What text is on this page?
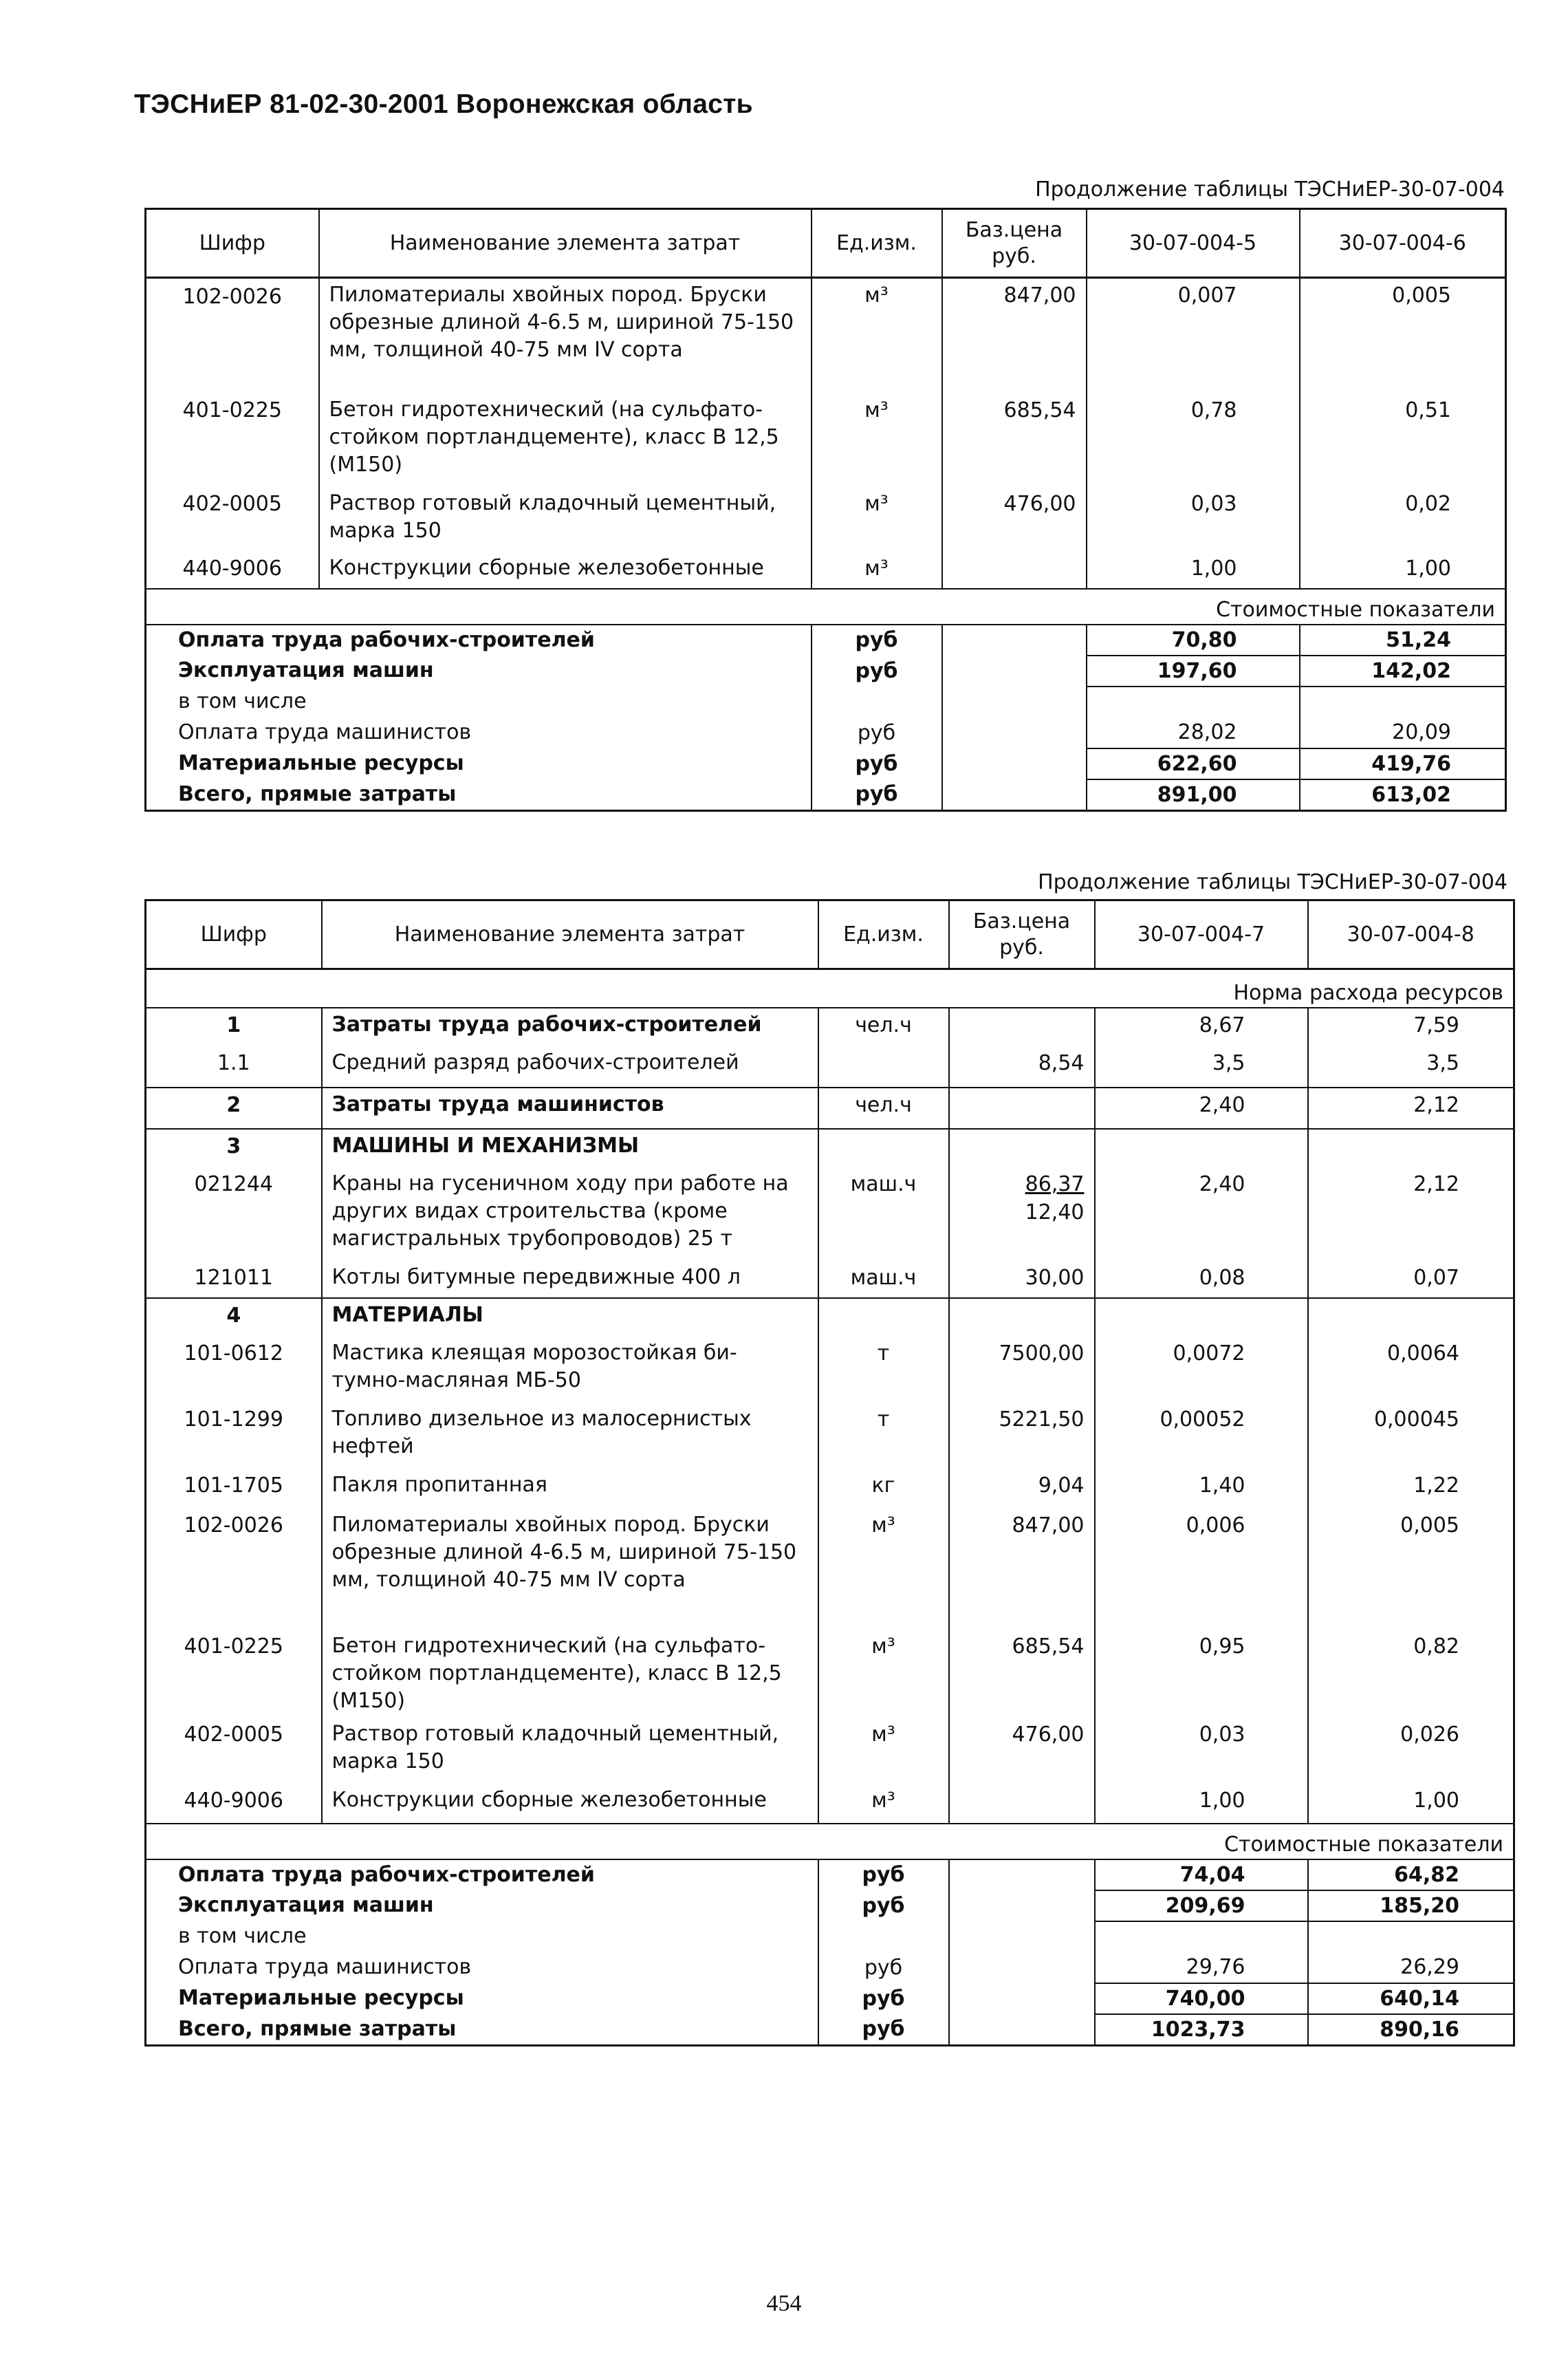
ТЭСНиЕР 81-02-30-2001 Воронежская область
Продолжение таблицы ТЭСНиЕР-30-07-004
Шифр	Наименование элемента затрат	Ед.изм.	Баз.цена руб.	30-07-004-5	30-07-004-6
102-0026	Пиломатериалы хвойных пород. Бруски обрезные длиной 4-6.5 м, шириной 75-150 мм, толщиной 40-75 мм IV сорта	м³	847,00	0,007	0,005
401-0225	Бетон гидротехнический (на сульфато-стойком портландцементе), класс В 12,5 (М150)	м³	685,54	0,78	0,51
402-0005	Раствор готовый кладочный цементный, марка 150	м³	476,00	0,03	0,02
440-9006	Конструкции сборные железобетонные	м³		1,00	1,00
Стоимостные показатели					
Оплата труда рабочих-строителей		руб		70,80	51,24
Эксплуатация машин		руб		197,60	142,02
в том числе					
Оплата труда машинистов		руб		28,02	20,09
Материальные ресурсы		руб		622,60	419,76
Всего, прямые затраты		руб		891,00	613,02
Продолжение таблицы ТЭСНиЕР-30-07-004
Шифр	Наименование элемента затрат	Ед.изм.	Баз.цена руб.	30-07-004-7	30-07-004-8
Норма расхода ресурсов					
1	Затраты труда рабочих-строителей	чел.ч		8,67	7,59
1.1	Средний разряд рабочих-строителей		8,54	3,5	3,5
2	Затраты труда машинистов	чел.ч		2,40	2,12
3	МАШИНЫ И МЕХАНИЗМЫ				
021244	Краны на гусеничном ходу при работе на других видах строительства (кроме магистральных трубопроводов) 25 т	маш.ч	$\frac{86,37}{12,40}$	2,40	2,12
121011	Котлы битумные передвижные 400 л	маш.ч	30,00	0,08	0,07
4	МАТЕРИАЛЫ				
101-0612	Мастика клеящая морозостойкая би-тумно-масляная МБ-50	т	7500,00	0,0072	0,0064
101-1299	Топливо дизельное из малосернистых нефтей	т	5221,50	0,00052	0,00045
101-1705	Пакля пропитанная	кг	9,04	1,40	1,22
102-0026	Пиломатериалы хвойных пород. Бруски обрезные длиной 4-6.5 м, шириной 75-150 мм, толщиной 40-75 мм IV сорта	м³	847,00	0,006	0,005
401-0225	Бетон гидротехнический (на сульфато-стойком портландцементе), класс В 12,5 (М150)	м³	685,54	0,95	0,82
402-0005	Раствор готовый кладочный цементный, марка 150	м³	476,00	0,03	0,026
440-9006	Конструкции сборные железобетонные	м³		1,00	1,00
Стоимостные показатели					
Оплата труда рабочих-строителей		руб		74,04	64,82
Эксплуатация машин		руб		209,69	185,20
в том числе					
Оплата труда машинистов		руб		29,76	26,29
Материальные ресурсы		руб		740,00	640,14
Всего, прямые затраты		руб		1023,73	890,16
454
